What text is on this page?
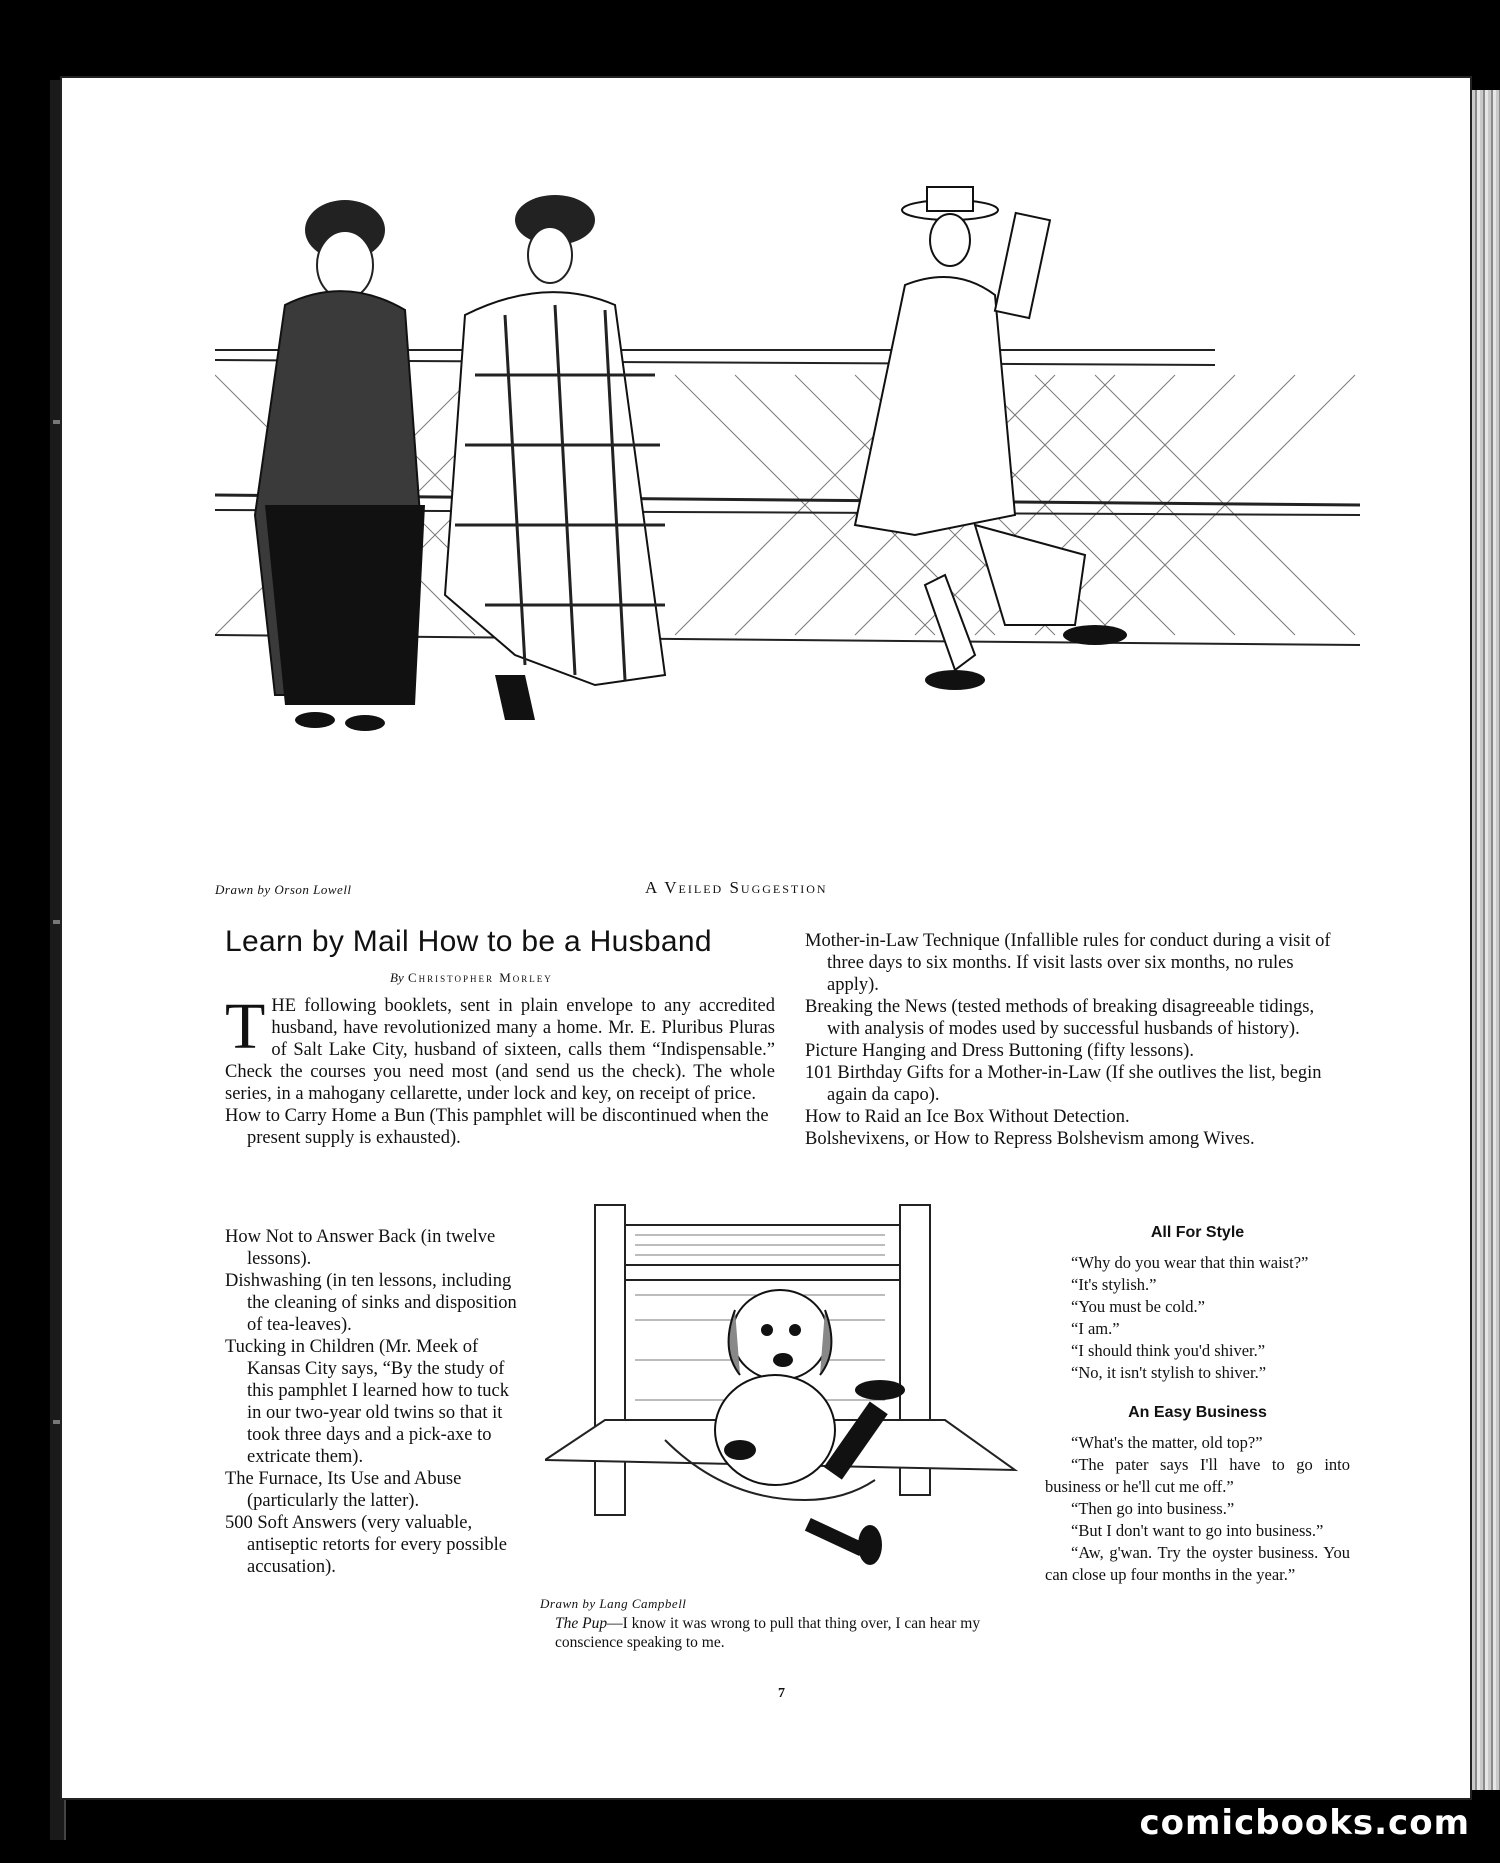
Drawn by Orson Lowell	A Veiled Suggestion
Learn by Mail How to be a Husband
By Christopher Morley

THE following booklets, sent in plain envelope to any accredited husband, have revolutionized many a home. Mr. E. Pluribus Pluras of Salt Lake City, husband of sixteen, calls them “Indispensable.” Check the courses you need most (and send us the check). The whole series, in a mahogany cellarette, under lock and key, on receipt of price.

How to Carry Home a Bun (This pamphlet will be discontinued when the present supply is exhausted).

How Not to Answer Back (in twelve lessons).

Dishwashing (in ten lessons, including the cleaning of sinks and disposition of tea-leaves).

Tucking in Children (Mr. Meek of Kansas City says, “By the study of this pamphlet I learned how to tuck in our two-year old twins so that it took three days and a pick-axe to extricate them).

The Furnace, Its Use and Abuse (particularly the latter).

500 Soft Answers (very valuable, antiseptic retorts for every possible accusation).

Mother-in-Law Technique (Infallible rules for conduct during a visit of three days to six months. If visit lasts over six months, no rules apply).

Breaking the News (tested methods of breaking disagreeable tidings, with analysis of modes used by successful husbands of history).

Picture Hanging and Dress Buttoning (fifty lessons).

101 Birthday Gifts for a Mother-in-Law (If she outlives the list, begin again da capo).

How to Raid an Ice Box Without Detection.

Bolshevixens, or How to Repress Bolshevism among Wives.

Drawn by Lang Campbell
The Pup—I know it was wrong to pull that thing over, I can hear my conscience speaking to me.
All For Style

“Why do you wear that thin waist?”

“It's stylish.”

“You must be cold.”

“I am.”

“I should think you'd shiver.”

“No, it isn't stylish to shiver.”

An Easy Business

“What's the matter, old top?”

“The pater says I'll have to go into business or he'll cut me off.”

“Then go into business.”

“But I don't want to go into business.”

“Aw, g'wan. Try the oyster business. You can close up four months in the year.”

7
comicbooks.com
